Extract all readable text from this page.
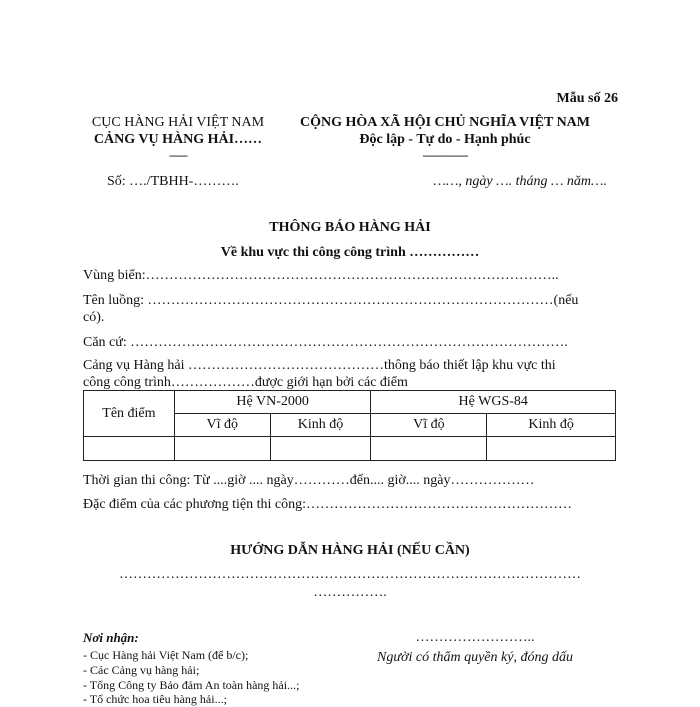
Mẫu số 26
CỤC HÀNG HẢI VIỆT NAM
CẢNG VỤ HÀNG HẢI……
------
Số: …./TBHH-……….
CỘNG HÒA XÃ HỘI CHỦ NGHĨA VIỆT NAM
Độc lập - Tự do - Hạnh phúc
---------------
……, ngày …. tháng … năm….
THÔNG BÁO HÀNG HẢI
Về khu vực thi công công trình ……………
Vùng biển:……………………………………………………………………………..
Tên luồng: ……………………………………………………………………………(nếu
có).
Căn cứ: ………………………………………………………………………………….
Cảng vụ Hàng hải ……………………………………thông báo thiết lập khu vực thi
công công trình………………được giới hạn bởi các điểm
Tên điểm	Hệ VN-2000		Hệ WGS-84	
	Vĩ độ	Kinh độ	Vĩ độ	Kinh độ

Thời gian thi công: Từ ....giờ .... ngày…………đến.... giờ.... ngày………………
Đặc điểm của các phương tiện thi công:…………………………………………………
HƯỚNG DẪN HÀNG HẢI (NẾU CẦN)
………………………………………………………………………………………
…………….
Nơi nhận:
- Cục Hàng hải Việt Nam (để b/c);
- Các Cảng vụ hàng hải;
- Tổng Công ty Bảo đảm An toàn hàng hải...;
- Tổ chức hoa tiêu hàng hải...;
……………………..
Người có thẩm quyền ký, đóng dấu
